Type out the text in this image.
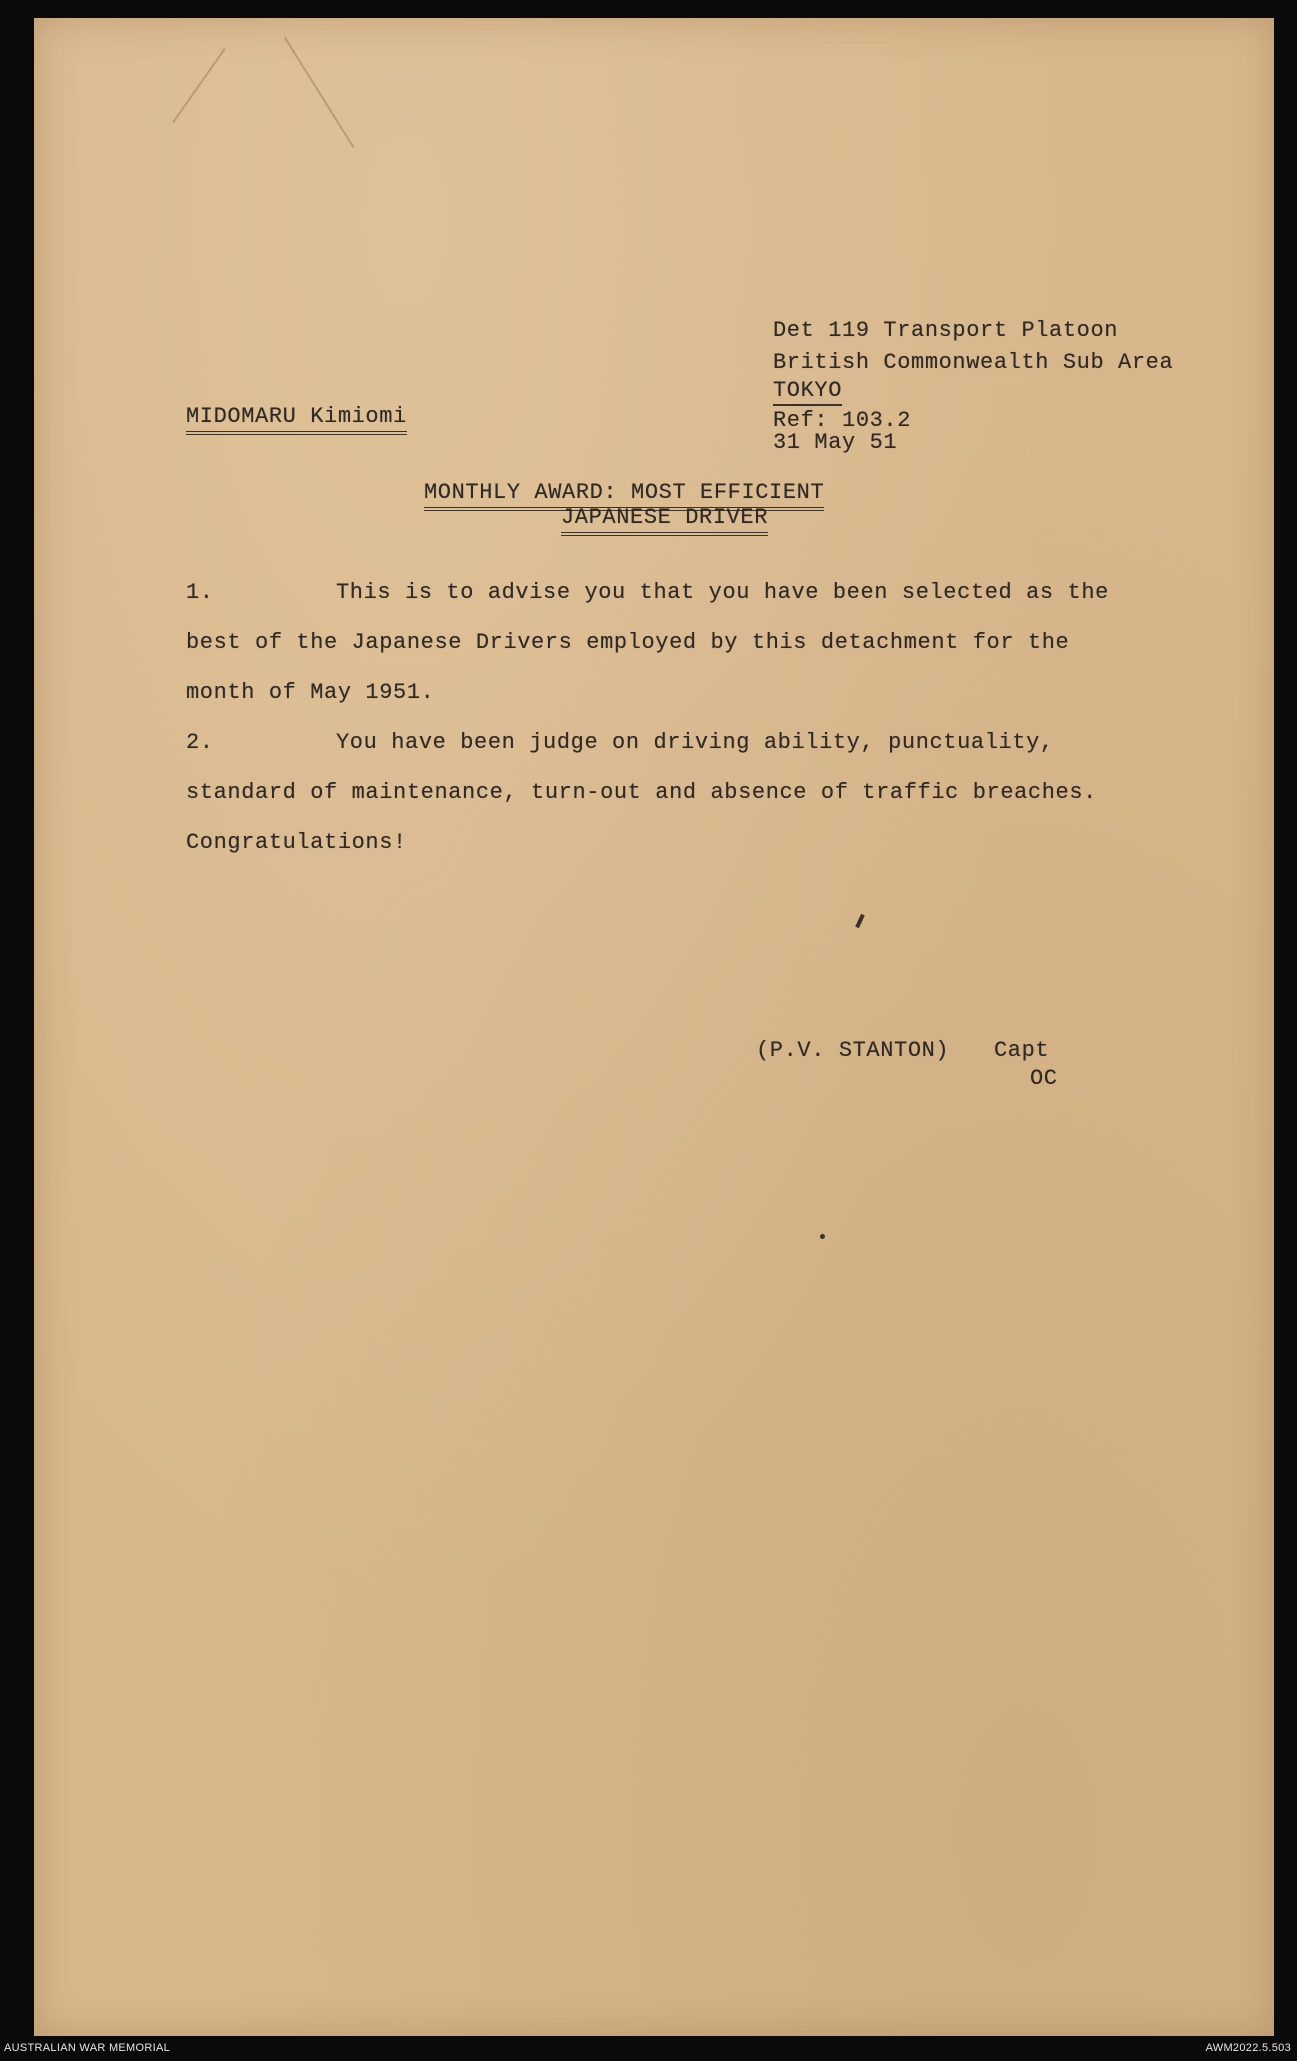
Det 119 Transport Platoon
British Commonwealth Sub Area
TOKYO
Ref: 103.2
31 May 51
MIDOMARU Kimiomi
MONTHLY AWARD: MOST EFFICIENT
JAPANESE DRIVER
1.	This is to advise you that you have been selected as the
best of the Japanese Drivers employed by this detachment for the
month of May 1951.
2.	You have been judge on driving ability, punctuality,
standard of maintenance, turn-out and absence of traffic breaches.
Congratulations!
(P.V. STANTON) Capt
OC
AUSTRALIAN WAR MEMORIAL	AWM2022.5.503
